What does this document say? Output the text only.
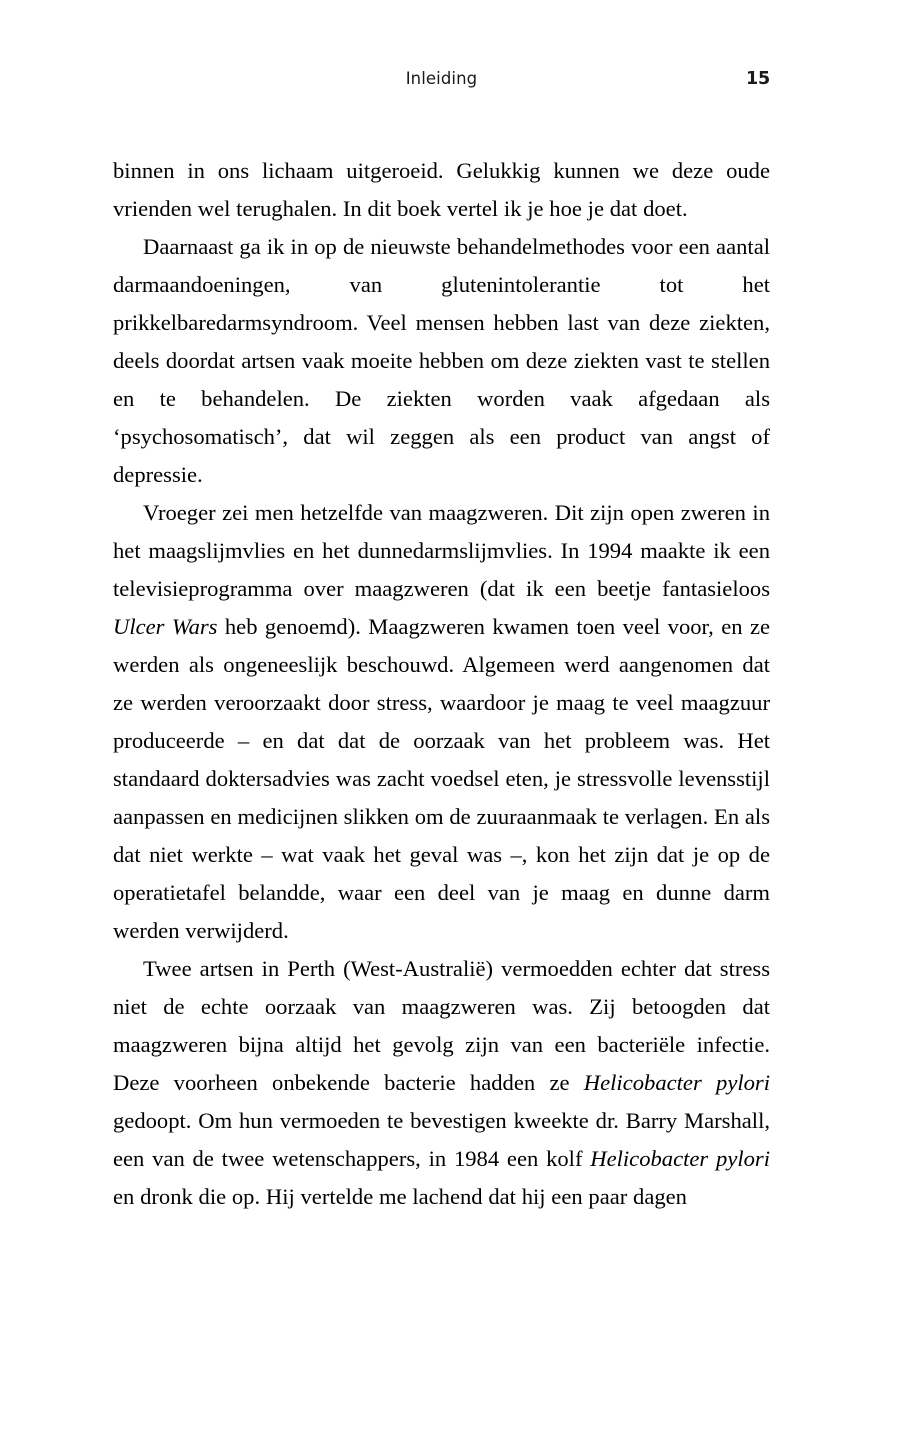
Inleiding	15

binnen in ons lichaam uitgeroeid. Gelukkig kunnen we deze oude vrienden wel terughalen. In dit boek vertel ik je hoe je dat doet.

Daarnaast ga ik in op de nieuwste behandelmethodes voor een aantal darmaandoeningen, van glutenintolerantie tot het prikkelbaredarmsyndroom. Veel mensen hebben last van deze ziekten, deels doordat artsen vaak moeite hebben om deze ziekten vast te stellen en te behandelen. De ziekten worden vaak afgedaan als ‘psychosomatisch’, dat wil zeggen als een product van angst of depressie.

Vroeger zei men hetzelfde van maagzweren. Dit zijn open zweren in het maagslijmvlies en het dunnedarmslijmvlies. In 1994 maakte ik een televisieprogramma over maagzweren (dat ik een beetje fantasieloos Ulcer Wars heb genoemd). Maagzweren kwamen toen veel voor, en ze werden als ongeneeslijk beschouwd. Algemeen werd aangenomen dat ze werden veroorzaakt door stress, waardoor je maag te veel maagzuur produceerde – en dat dat de oorzaak van het probleem was. Het standaard doktersadvies was zacht voedsel eten, je stressvolle levensstijl aanpassen en medicijnen slikken om de zuuraanmaak te verlagen. En als dat niet werkte – wat vaak het geval was –, kon het zijn dat je op de operatietafel belandde, waar een deel van je maag en dunne darm werden verwijderd.

Twee artsen in Perth (West-Australië) vermoedden echter dat stress niet de echte oorzaak van maagzweren was. Zij betoogden dat maagzweren bijna altijd het gevolg zijn van een bacteriële infectie. Deze voorheen onbekende bacterie hadden ze Helicobacter pylori gedoopt. Om hun vermoeden te bevestigen kweekte dr. Barry Marshall, een van de twee wetenschappers, in 1984 een kolf Helicobacter pylori en dronk die op. Hij vertelde me lachend dat hij een paar dagen
